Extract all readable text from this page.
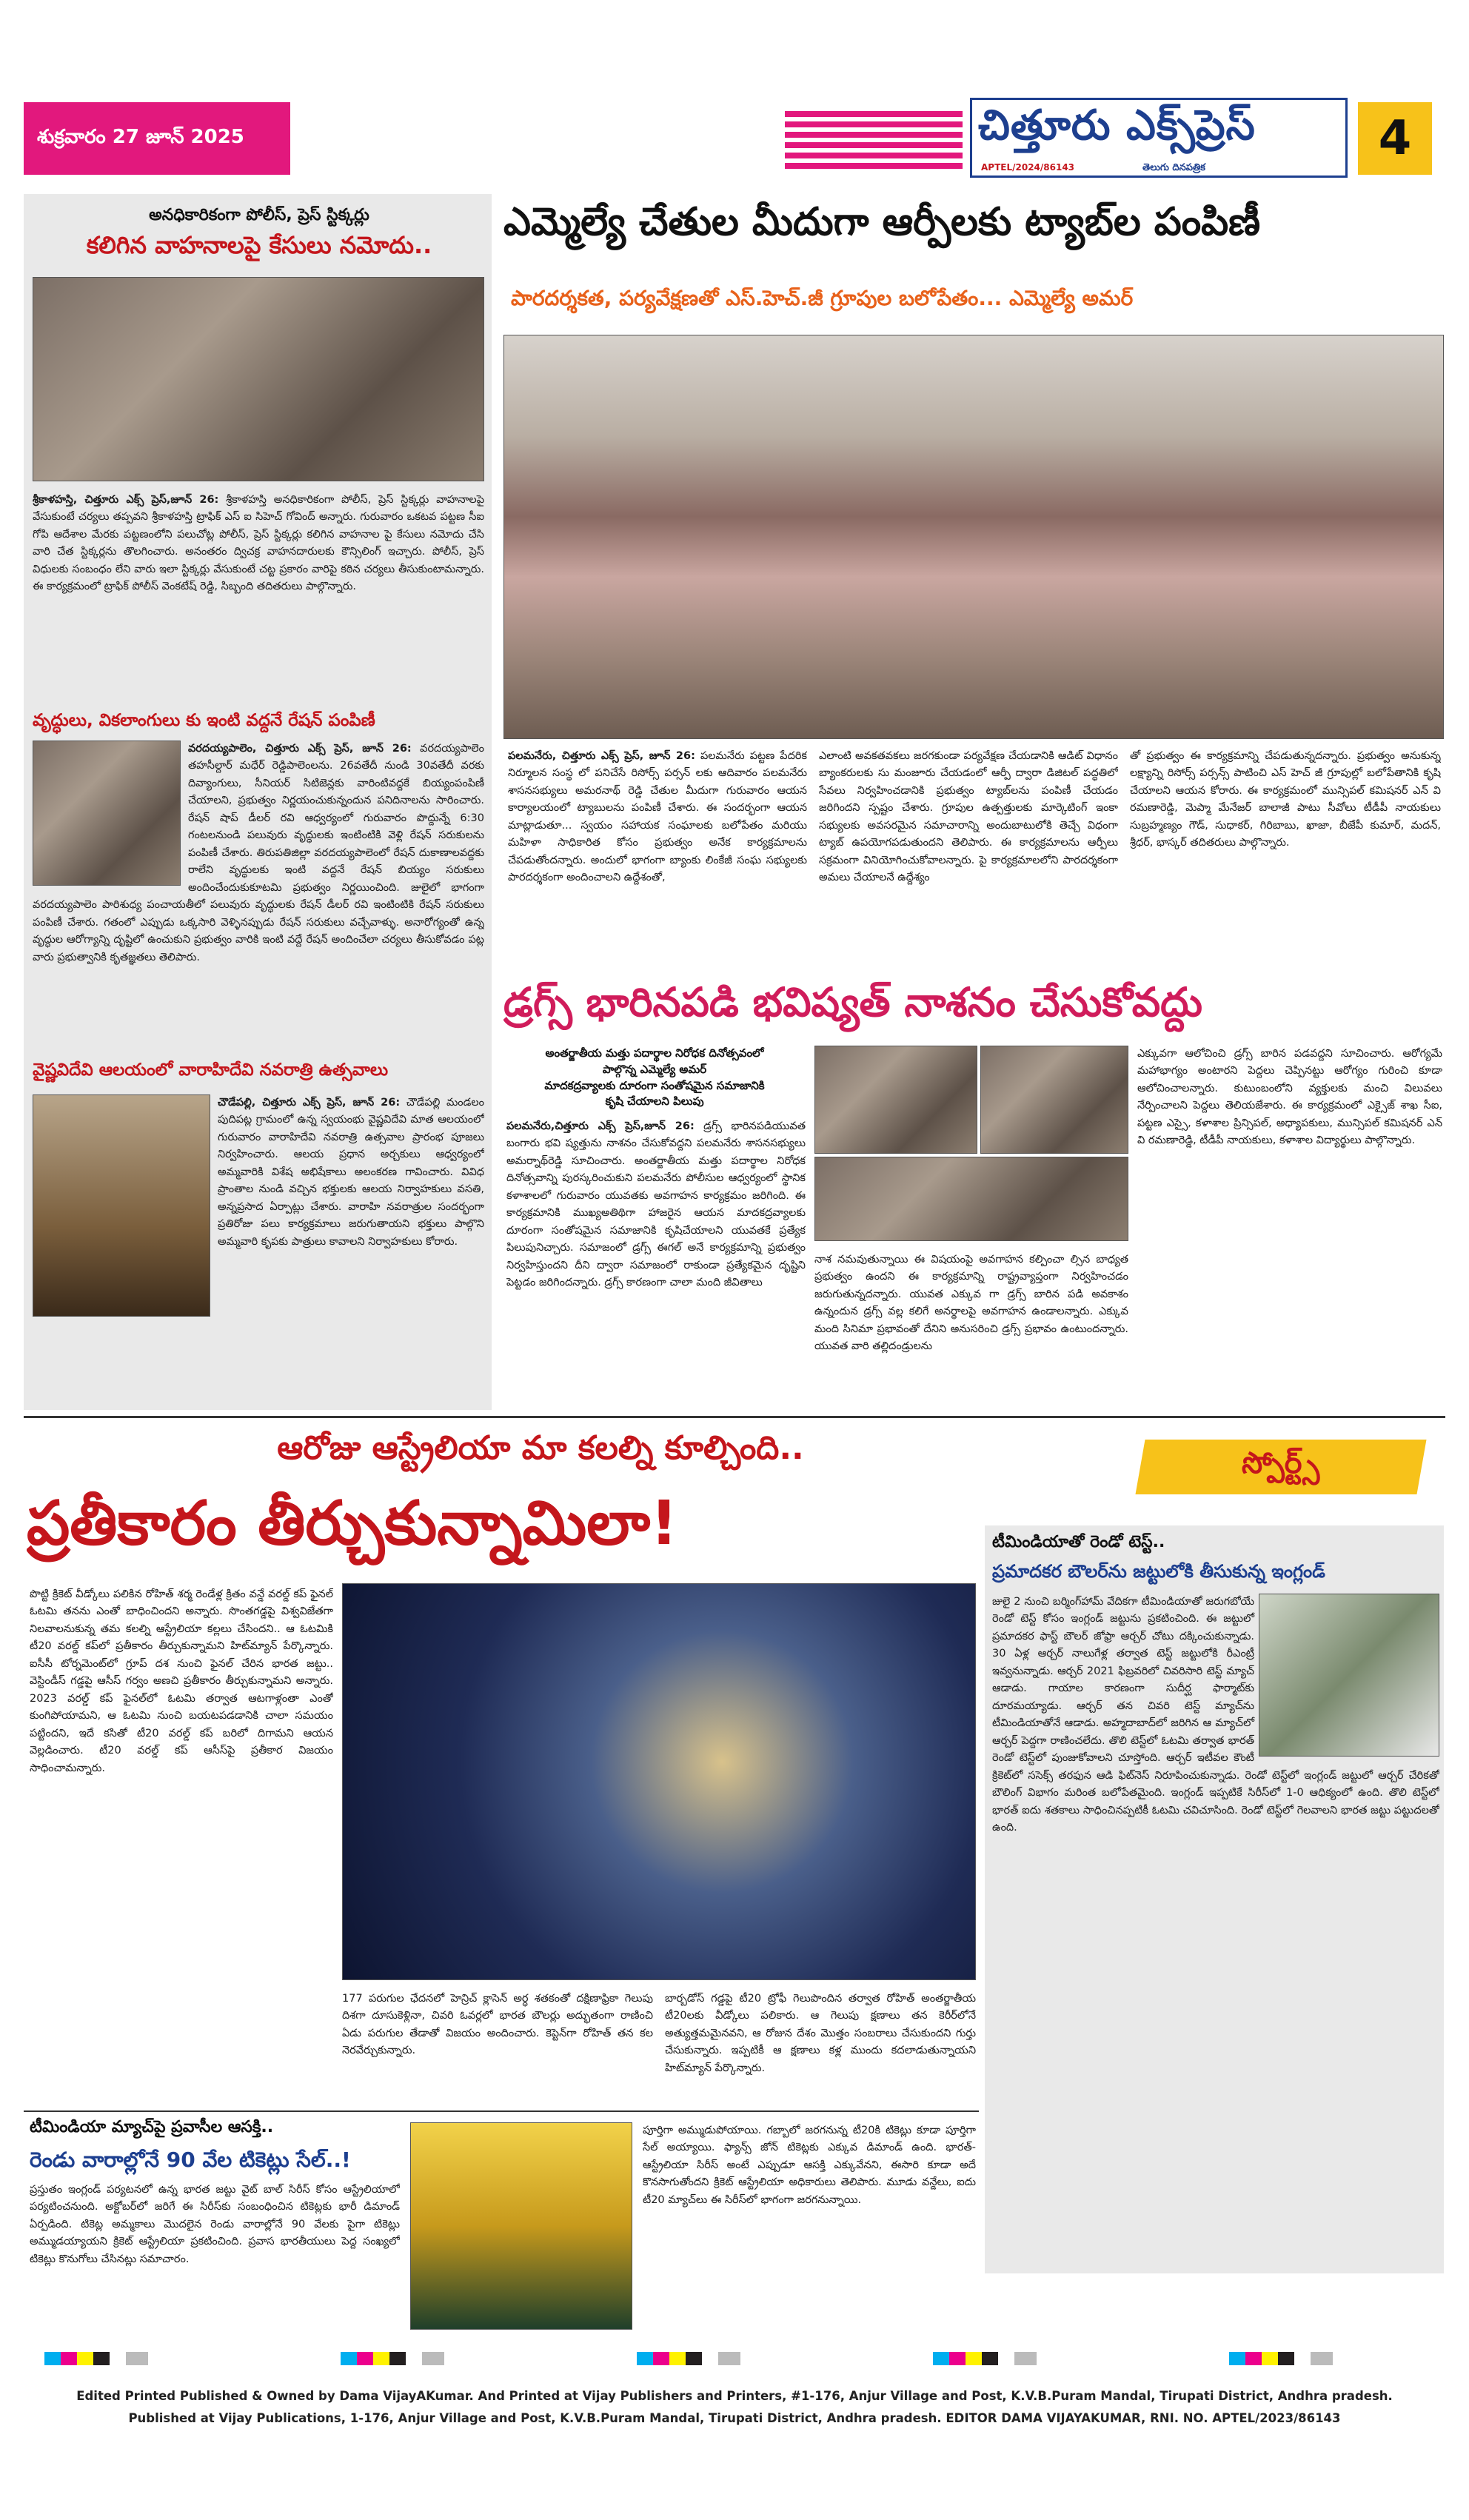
శుక్రవారం 27 జూన్ 2025	చిత్తూరు ఎక్స్‌ప్రెస్
APTEL/2024/86143	తెలుగు దినపత్రిక
4
అనధికారికంగా పోలీస్, ప్రెస్ స్టిక్కర్లు
కలిగిన వాహనాలపై కేసులు నమోదు..
శ్రీకాళహస్తి, చిత్తూరు ఎక్స్ ప్రెస్,జూన్ 26: శ్రీకాళహస్తి అనధికారికంగా పోలీస్, ప్రెస్ స్టిక్కర్లు వాహనాలపై వేసుకుంటే చర్యలు తప్పవని శ్రీకాళహస్తి ట్రాఫిక్ ఎస్ ఐ సిహెచ్ గోవింద్ అన్నారు. గురువారం ఒకటవ పట్టణ సీఐ గోపి ఆదేశాల మేరకు పట్టణంలోని పలుచోట్ల పోలీస్, ప్రెస్ స్టిక్కర్లు కలిగిన వాహనాల పై కేసులు నమోదు చేసి వారి చేత స్టిక్కర్లను తొలగించారు. అనంతరం ద్విచక్ర వాహనదారులకు కౌన్సిలింగ్ ఇచ్చారు. పోలీస్, ప్రెస్ విధులకు సంబంధం లేని వారు ఇలా స్టిక్కర్లు వేసుకుంటే చట్ట ప్రకారం వారిపై కఠిన చర్యలు తీసుకుంటామన్నారు. ఈ కార్యక్రమంలో ట్రాఫిక్ పోలీస్ వెంకటేష్ రెడ్డి, సిబ్బంది తదితరులు పాల్గొన్నారు.
వృద్ధులు, వికలాంగులు కు ఇంటి వద్దనే రేషన్ పంపిణీ
వరదయ్యపాలెం, చిత్తూరు ఎక్స్ ప్రెస్, జూన్ 26: వరదయ్యపాలెం తహసీల్దార్ మధేర్ రెడ్డిపాలెంలను. 26వతేదీ నుండి 30వతేదీ వరకు దివ్యాంగులు, సీనియర్ సిటిజెన్లకు వారింటివద్దకే బియ్యంపంపిణీ చేయాలని, ప్రభుత్వం నిర్ణయంచుకున్నందున పనిదినాలను సారించారు. రేషన్ షాప్ డీలర్ రవి ఆధ్వర్యంలో గురువారం పొద్దున్నే 6:30 గంటలనుండి పలువురు వృద్ధులకు ఇంటింటికి వెళ్లి రేషన్ సరుకులను పంపిణీ చేశారు. తిరుపతిజిల్లా వరదయ్యపాలెంలో రేషన్ దుకాణాలవద్దకు రాలేని వృద్ధులకు ఇంటి వద్దనే రేషన్ బియ్యం సరుకులు అందించేందుకుకూటమి ప్రభుత్వం నిర్ణయించింది. జులైలో భాగంగా వరదయ్యపాలెం పారిశుధ్య పంచాయతీలో పలువురు వృద్ధులకు రేషన్ డీలర్ రవి ఇంటింటికి రేషన్ సరుకులు పంపిణీ చేశారు. గతంలో ఎప్పుడు ఒక్కసారి వెళ్ళినప్పుడు రేషన్ సరుకులు వచ్చేవాళ్ళు. అనారోగ్యంతో ఉన్న వృద్ధుల ఆరోగ్యాన్ని దృష్టిలో ఉంచుకుని ప్రభుత్వం వారికి ఇంటి వద్దే రేషన్ అందించేలా చర్యలు తీసుకోవడం పట్ల వారు ప్రభుత్వానికి కృతజ్ఞతలు తెలిపారు.
వైష్ణవిదేవి ఆలయంలో వారాహిదేవి నవరాత్రి ఉత్సవాలు
చౌడేపల్లి, చిత్తూరు ఎక్స్ ప్రెస్, జూన్ 26: చౌడేపల్లి మండలం పుదిపట్ల గ్రామంలో ఉన్న స్వయంభు వైష్ణవిదేవి మాత ఆలయంలో గురువారం వారాహిదేవి నవరాత్రి ఉత్సవాల ప్రారంభ పూజలు నిర్వహించారు. ఆలయ ప్రధాన అర్చకులు ఆధ్వర్యంలో అమ్మవారికి విశేష అభిషేకాలు అలంకరణ గావించారు. వివిధ ప్రాంతాల నుండి వచ్చిన భక్తులకు ఆలయ నిర్వాహకులు వసతి, అన్నప్రసాద ఏర్పాట్లు చేశారు. వారాహి నవరాత్రుల సందర్భంగా ప్రతిరోజు పలు కార్యక్రమాలు జరుగుతాయని భక్తులు పాల్గొని అమ్మవారి కృపకు పాత్రులు కావాలని నిర్వాహకులు కోరారు.
ఎమ్మెల్యే చేతుల మీదుగా ఆర్పీలకు ట్యాబ్‌ల పంపిణీ
పారదర్శకత, పర్యవేక్షణతో ఎస్.హెచ్.జీ గ్రూపుల బలోపేతం... ఎమ్మెల్యే అమర్
పలమనేరు, చిత్తూరు ఎక్స్ ప్రెస్, జూన్ 26: పలమనేరు పట్టణ పేదరిక నిర్మూలన సంస్థ లో పనిచేసే రిసోర్స్ పర్సన్ లకు ఆదివారం పలమనేరు శాసనసభ్యులు అమరనాథ్ రెడ్డి చేతుల మీదుగా గురువారం ఆయన కార్యాలయంలో ట్యాబులను పంపిణీ చేశారు. ఈ సందర్భంగా ఆయన మాట్లాడుతూ... స్వయం సహాయక సంఘాలకు బలోపేతం మరియు మహిళా సాధికారిత కోసం ప్రభుత్వం అనేక కార్యక్రమాలను చేపడుతోందన్నారు. అందులో భాగంగా బ్యాంకు లింకేజీ సంఘ సభ్యులకు పారదర్శకంగా అందించాలని ఉద్దేశంతో,
ఎలాంటి అవకతవకలు జరగకుండా పర్యవేక్షణ చేయడానికి ఆడిట్‌ విధానం బ్యాంకరులకు సు మంజూరు చేయడంలో ఆర్పీ ద్వారా డిజిటల్ పద్ధతిలో సేవలు నిర్వహించడానికి ప్రభుత్వం ట్యాబ్‌లను పంపిణీ చేయడం జరిగిందని స్పష్టం చేశారు. గ్రూపుల ఉత్పత్తులకు మార్కెటింగ్ ఇంకా సభ్యులకు అవసరమైన సమాచారాన్ని అందుబాటులోకి తెచ్చే విధంగా ట్యాబ్ ఉపయోగపడుతుందని తెలిపారు. ఈ కార్యక్రమాలను ఆర్పీలు సక్రమంగా వినియోగించుకోవాలన్నారు. పై కార్యక్రమాలలోని పారదర్శకంగా అమలు చేయాలనే ఉద్దేశ్యం
తో ప్రభుత్వం ఈ కార్యక్రమాన్ని చేపడుతున్నదన్నారు. ప్రభుత్వం అనుకున్న లక్ష్యాన్ని రిసోర్స్ పర్సన్స్ పాటించి ఎస్ హెచ్ జీ గ్రూపుల్లో బలోపేతానికి కృషి చేయాలని ఆయన కోరారు. ఈ కార్యక్రమంలో మున్సిపల్ కమిషనర్ ఎన్ వి రమణారెడ్డి, మెప్మా మేనేజర్ బాలాజీ పాటు సీవోలు టీడీపీ నాయకులు సుబ్రహ్మణ్యం గౌడ్, సుధాకర్, గిరిబాబు, ఖాజా, బీజేపీ కుమార్, మదన్, శ్రీధర్, భాస్కర్ తదితరులు పాల్గొన్నారు.
డ్రగ్స్ భారినపడి భవిష్యత్ నాశనం చేసుకోవద్దు
అంతర్జాతీయ మత్తు పదార్థాల నిరోధక దినోత్సవంలో
పాల్గొన్న ఎమ్మెల్యే అమర్
మాదకద్రవ్యాలకు దూరంగా సంతోషమైన సమాజానికి
కృషి చేయాలని పిలుపు
పలమనేరు,చిత్తూరు ఎక్స్ ప్రెస్,జూన్ 26: డ్రగ్స్ భారినపడియువత బంగారు భవి ష్యత్తును నాశనం చేసుకోవద్దని పలమనేరు శాసనసభ్యులు అమర్నాథ్‌రెడ్డి సూచించారు. అంతర్జాతీయ మత్తు పదార్థాల నిరోధక దినోత్సవాన్ని పురస్కరించుకుని పలమనేరు పోలీసుల ఆధ్వర్యంలో స్థానిక కళాశాలలో గురువారం యువతకు అవగాహన కార్యక్రమం జరిగింది. ఈ కార్యక్రమానికి ముఖ్యఅతిథిగా హాజరైన ఆయన మాదకద్రవ్యాలకు దూరంగా సంతోషమైన సమాజానికి కృషిచేయాలని యువతకే ప్రత్యేక పిలుపునిచ్చారు. సమాజంలో డ్రగ్స్ ఈగల్ అనే కార్యక్రమాన్ని ప్రభుత్వం నిర్వహిస్తుందని దీని ద్వారా సమాజంలో రాకుండా ప్రత్యేకమైన దృష్టిని పెట్టడం జరిగిందన్నారు. డ్రగ్స్ కారణంగా చాలా మంది జీవితాలు
నాశ నమవుతున్నాయి ఈ విషయంపై అవగాహన కల్పించా ల్సిన బాధ్యత ప్రభుత్వం ఉందని ఈ కార్యక్రమాన్ని రాష్ట్రవ్యాప్తంగా నిర్వహించడం జరుగుతున్నదన్నారు. యువత ఎక్కువ గా డ్రగ్స్ బారిన పడి అవకాశం ఉన్నందున డ్రగ్స్ వల్ల కలిగే అనర్థాలపై అవగాహన ఉండాలన్నారు. ఎక్కువ మంది సినిమా ప్రభావంతో దేనిని అనుసరించి డ్రగ్స్ ప్రభావం ఉంటుందన్నారు. యువత వారి తల్లిదండ్రులను
ఎక్కువగా ఆలోచించి డ్రగ్స్ బారిన పడవద్దని సూచించారు. ఆరోగ్యమే మహాభాగ్యం అంటారని పెద్దలు చెప్పినట్టు ఆరోగ్యం గురించి కూడా ఆలోచించాలన్నారు. కుటుంబంలోని వ్యక్తులకు మంచి విలువలు నేర్పించాలని పెద్దలు తెలియజేశారు. ఈ కార్యక్రమంలో ఎక్సైజ్ శాఖ సీఐ, పట్టణ ఎస్సై, కళాశాల ప్రిన్సిపల్, అధ్యాపకులు, మున్సిపల్ కమిషనర్ ఎన్ వి రమణారెడ్డి, టీడీపీ నాయకులు, కళాశాల విద్యార్థులు పాల్గొన్నారు.
ఆరోజు ఆస్ట్రేలియా మా కలల్ని కూల్చింది..
ప్రతీకారం తీర్చుకున్నామిలా!
స్పోర్ట్స్
పొట్టి క్రికెట్ వీడ్కోలు పలికిన రోహిత్ శర్మ రెండేళ్ల క్రితం వన్డే వరల్డ్ కప్ ఫైనల్‌ ఓటమి తనను ఎంతో బాధించిందని అన్నారు. సొంతగడ్డపై విశ్వవిజేతగా నిలవాలనుకున్న తమ కలల్ని ఆస్ట్రేలియా కల్లలు చేసిందని.. ఆ ఓటమికి టీ20 వరల్డ్ కప్‌లో ప్రతీకారం తీర్చుకున్నామని హిట్‌మ్యాన్ పేర్కొన్నారు. ఐసీసీ టోర్నమెంట్‌లో గ్రూప్ దశ నుంచి ఫైనల్ చేరిన భారత జట్టు.. వెస్టిండీస్ గడ్డపై ఆసీస్ గర్వం అణచి ప్రతీకారం తీర్చుకున్నామని అన్నారు. 2023 వరల్డ్ కప్ ఫైనల్‌లో ఓటమి తర్వాత ఆటగాళ్లంతా ఎంతో కుంగిపోయామని, ఆ ఓటమి నుంచి బయటపడడానికి చాలా సమయం పట్టిందని, ఇదే కసితో టీ20 వరల్డ్ కప్‌ బరిలో దిగామని ఆయన వెల్లడించారు. టీ20 వరల్డ్ కప్ ఆసీస్‌పై ప్రతీకార విజయం సాధించామన్నారు.
177 పరుగుల ఛేదనలో హెన్రిచ్ క్లాసెన్ అర్ధ శతకంతో దక్షిణాఫ్రికా గెలుపు దిశగా దూసుకెళ్లినా, చివరి ఓవర్లలో భారత బౌలర్లు అద్భుతంగా రాణించి ఏడు పరుగుల తేడాతో విజయం అందించారు. కెప్టెన్‌గా రోహిత్ తన కల నెరవేర్చుకున్నారు.
బార్బడోస్ గడ్డపై టీ20 ట్రోఫీ గెలుపొందిన తర్వాత రోహిత్ అంతర్జాతీయ టీ20లకు వీడ్కోలు పలికారు. ఆ గెలుపు క్షణాలు తన కెరీర్‌లోనే అత్యుత్తమమైనవని, ఆ రోజున దేశం మొత్తం సంబరాలు చేసుకుందని గుర్తు చేసుకున్నారు. ఇప్పటికీ ఆ క్షణాలు కళ్ల ముందు కదలాడుతున్నాయని హిట్‌మ్యాన్ పేర్కొన్నారు.
టీమిండియాతో రెండో టెస్ట్..
ప్రమాదకర బౌలర్‌ను జట్టులోకి తీసుకున్న ఇంగ్లండ్
జులై 2 నుంచి బర్మింగ్‌హామ్ వేదికగా టీమిండియాతో జరుగబోయే రెండో టెస్ట్ కోసం ఇంగ్లండ్ జట్టును ప్రకటించింది. ఈ జట్టులో ప్రమాదకర ఫాస్ట్ బౌలర్ జోఫ్రా ఆర్చర్ చోటు దక్కించుకున్నాడు. 30 ఏళ్ల ఆర్చర్ నాలుగేళ్ల తర్వాత టెస్ట్ జట్టులోకి రీఎంట్రీ ఇవ్వనున్నాడు. ఆర్చర్ 2021 ఫిబ్రవరిలో చివరిసారి టెస్ట్ మ్యాచ్ ఆడాడు. గాయాల కారణంగా సుదీర్ఘ ఫార్మాట్‌కు దూరమయ్యాడు. ఆర్చర్ తన చివరి టెస్ట్ మ్యాచ్‌ను టీమిండియాతోనే ఆడాడు. అహ్మదాబాద్‌లో జరిగిన ఆ మ్యాచ్‌లో ఆర్చర్ పెద్దగా రాణించలేదు. తొలి టెస్ట్‌లో ఓటమి తర్వాత భారత్ రెండో టెస్ట్‌లో పుంజుకోవాలని చూస్తోంది. ఆర్చర్ ఇటీవల కౌంటీ క్రికెట్‌లో ససెక్స్ తరఫున ఆడి ఫిట్‌నెస్ నిరూపించుకున్నాడు. రెండో టెస్ట్‌లో ఇంగ్లండ్ జట్టులో ఆర్చర్ చేరికతో బౌలింగ్ విభాగం మరింత బలోపేతమైంది. ఇంగ్లండ్ ఇప్పటికే సిరీస్‌లో 1-0 ఆధిక్యంలో ఉంది. తొలి టెస్ట్‌లో భారత్ ఐదు శతకాలు సాధించినప్పటికీ ఓటమి చవిచూసింది. రెండో టెస్ట్‌లో గెలవాలని భారత జట్టు పట్టుదలతో ఉంది.
టీమిండియా మ్యాచ్‌పై ప్రవాసీల ఆసక్తి..
రెండు వారాల్లోనే 90 వేల టికెట్లు సేల్..!
ప్రస్తుతం ఇంగ్లండ్ పర్యటనలో ఉన్న భారత జట్టు వైట్ బాల్ సిరీస్ కోసం ఆస్ట్రేలియాలో పర్యటించనుంది. అక్టోబర్‌లో జరిగే ఈ సిరీస్‌కు సంబంధించిన టికెట్లకు భారీ డిమాండ్ ఏర్పడింది. టికెట్ల అమ్మకాలు మొదలైన రెండు వారాల్లోనే 90 వేలకు పైగా టికెట్లు అమ్ముడయ్యాయని క్రికెట్ ఆస్ట్రేలియా ప్రకటించింది. ప్రవాస భారతీయులు పెద్ద సంఖ్యలో టికెట్లు కొనుగోలు చేసినట్లు సమాచారం.
పూర్తిగా అమ్ముడుపోయాయి. గబ్బాలో జరగనున్న టీ20కి టికెట్లు కూడా పూర్తిగా సేల్ అయ్యాయి. ఫ్యాన్స్ జోన్ టికెట్లకు ఎక్కువ డిమాండ్ ఉంది. భారత్-ఆస్ట్రేలియా సిరీస్‌ అంటే ఎప్పుడూ ఆసక్తి ఎక్కువేనని, ఈసారి కూడా అదే కొనసాగుతోందని క్రికెట్ ఆస్ట్రేలియా అధికారులు తెలిపారు. మూడు వన్డేలు, ఐదు టీ20 మ్యాచ్‌లు ఈ సిరీస్‌లో భాగంగా జరగనున్నాయి.
Edited Printed Published & Owned by Dama VijayAKumar. And Printed at Vijay Publishers and Printers, #1-176, Anjur Village and Post, K.V.B.Puram Mandal, Tirupati District, Andhra pradesh.
Published at Vijay Publications, 1-176, Anjur Village and Post, K.V.B.Puram Mandal, Tirupati District, Andhra pradesh. EDITOR DAMA VIJAYAKUMAR, RNI. NO. APTEL/2023/86143
